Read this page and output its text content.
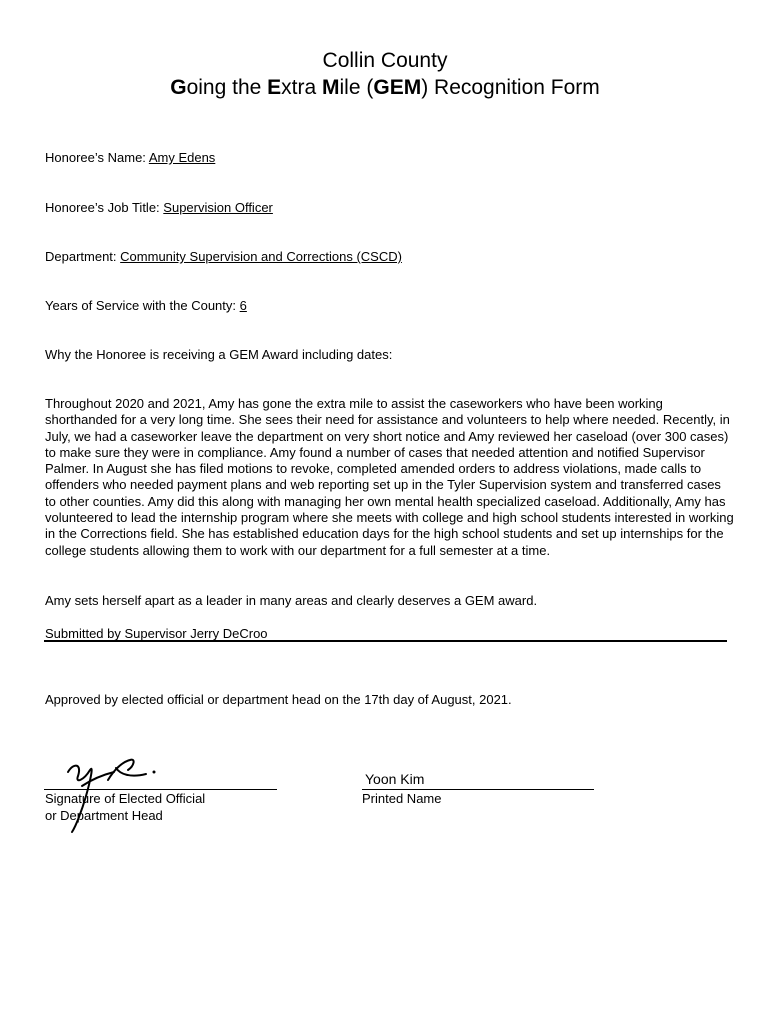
Collin County
Going the Extra Mile (GEM) Recognition Form
Honoree’s Name: Amy Edens
Honoree’s Job Title: Supervision Officer
Department: Community Supervision and Corrections (CSCD)
Years of Service with the County: 6
Why the Honoree is receiving a GEM Award including dates:

Throughout 2020 and 2021, Amy has gone the extra mile to assist the caseworkers who have been working shorthanded for a very long time. She sees their need for assistance and volunteers to help where needed. Recently, in July, we had a caseworker leave the department on very short notice and Amy reviewed her caseload (over 300 cases) to make sure they were in compliance. Amy found a number of cases that needed attention and notified Supervisor Palmer. In August she has filed motions to revoke, completed amended orders to address violations, made calls to offenders who needed payment plans and web reporting set up in the Tyler Supervision system and transferred cases to other counties. Amy did this along with managing her own mental health specialized caseload. Additionally, Amy has volunteered to lead the internship program where she meets with college and high school students interested in working in the Corrections field. She has established education days for the high school students and set up internships for the college students allowing them to work with our department for a full semester at a time.

Amy sets herself apart as a leader in many areas and clearly deserves a GEM award.
Submitted by Supervisor Jerry DeCroo
Approved by elected official or department head on the 17th day of August, 2021.
Signature of Elected Official
or Department Head
Yoon Kim
Printed Name
